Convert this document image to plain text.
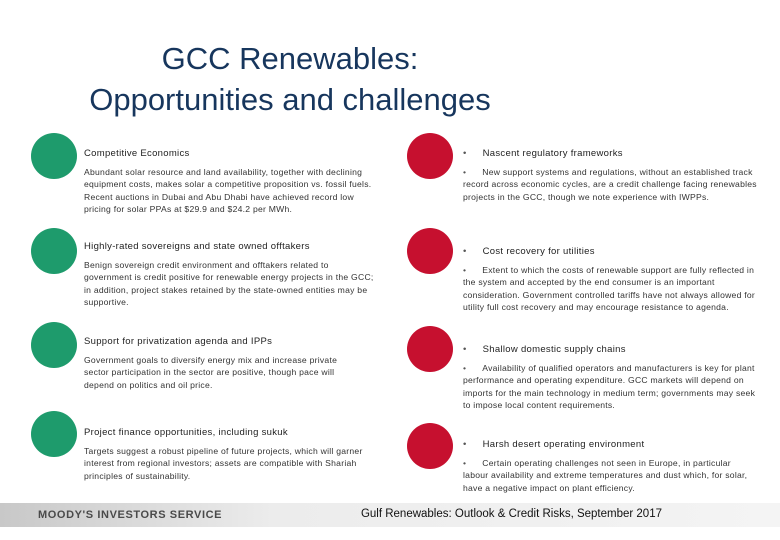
GCC Renewables:
Opportunities and challenges
Competitive Economics
Abundant solar resource and land availability, together with declining equipment costs, makes solar a competitive proposition vs. fossil fuels. Recent auctions in Dubai and Abu Dhabi have achieved record low pricing for solar PPAs at $29.9 and $24.2 per MWh.
Highly-rated sovereigns and state owned offtakers
Benign sovereign credit environment and offtakers related to government is credit positive for renewable energy projects in the GCC; in addition, project stakes retained by the state-owned entities may be supportive.
Support for privatization agenda and IPPs
Government goals to diversify energy mix and increase private sector participation in the sector are positive, though pace will depend on politics and oil price.
Project finance opportunities, including sukuk
Targets suggest a robust pipeline of future projects, which will garner interest from regional investors; assets are compatible with Shariah principles of sustainability.
• Nascent regulatory frameworks
• New support systems and regulations, without an established track record across economic cycles, are a credit challenge facing renewables projects in the GCC, though we note experience with IWPPs.
• Cost recovery for utilities
• Extent to which the costs of renewable support are fully reflected in the system and accepted by the end consumer is an important consideration. Government controlled tariffs have not always allowed for utility full cost recovery and may encourage resistance to agenda.
• Shallow domestic supply chains
• Availability of qualified operators and manufacturers is key for plant performance and operating expenditure. GCC markets will depend on imports for the main technology in medium term; governments may seek to impose local content requirements.
• Harsh desert operating environment
• Certain operating challenges not seen in Europe, in particular labour availability and extreme temperatures and dust which, for solar, have a negative impact on plant efficiency.
MOODY'S INVESTORS SERVICE	Gulf Renewables: Outlook & Credit Risks, September 2017
